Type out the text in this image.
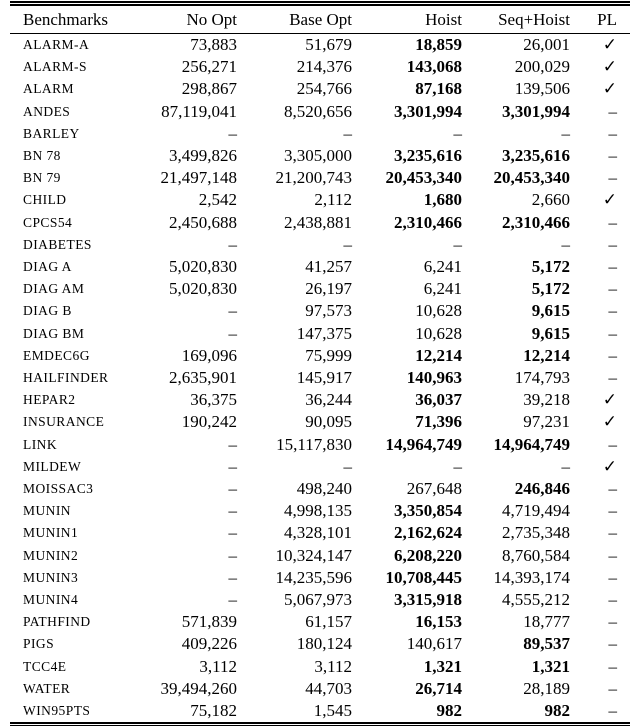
Benchmarks	No Opt	Base Opt	Hoist	Seq+Hoist	PL
ALARM-A	73,883	51,679	18,859	26,001	✓
ALARM-S	256,271	214,376	143,068	200,029	✓
ALARM	298,867	254,766	87,168	139,506	✓
ANDES	87,119,041	8,520,656	3,301,994	3,301,994	–
BARLEY	–	–	–	–	–
BN 78	3,499,826	3,305,000	3,235,616	3,235,616	–
BN 79	21,497,148	21,200,743	20,453,340	20,453,340	–
CHILD	2,542	2,112	1,680	2,660	✓
CPCS54	2,450,688	2,438,881	2,310,466	2,310,466	–
DIABETES	–	–	–	–	–
DIAG A	5,020,830	41,257	6,241	5,172	–
DIAG AM	5,020,830	26,197	6,241	5,172	–
DIAG B	–	97,573	10,628	9,615	–
DIAG BM	–	147,375	10,628	9,615	–
EMDEC6G	169,096	75,999	12,214	12,214	–
HAILFINDER	2,635,901	145,917	140,963	174,793	–
HEPAR2	36,375	36,244	36,037	39,218	✓
INSURANCE	190,242	90,095	71,396	97,231	✓
LINK	–	15,117,830	14,964,749	14,964,749	–
MILDEW	–	–	–	–	✓
MOISSAC3	–	498,240	267,648	246,846	–
MUNIN	–	4,998,135	3,350,854	4,719,494	–
MUNIN1	–	4,328,101	2,162,624	2,735,348	–
MUNIN2	–	10,324,147	6,208,220	8,760,584	–
MUNIN3	–	14,235,596	10,708,445	14,393,174	–
MUNIN4	–	5,067,973	3,315,918	4,555,212	–
PATHFIND	571,839	61,157	16,153	18,777	–
PIGS	409,226	180,124	140,617	89,537	–
TCC4E	3,112	3,112	1,321	1,321	–
WATER	39,494,260	44,703	26,714	28,189	–
WIN95PTS	75,182	1,545	982	982	–
